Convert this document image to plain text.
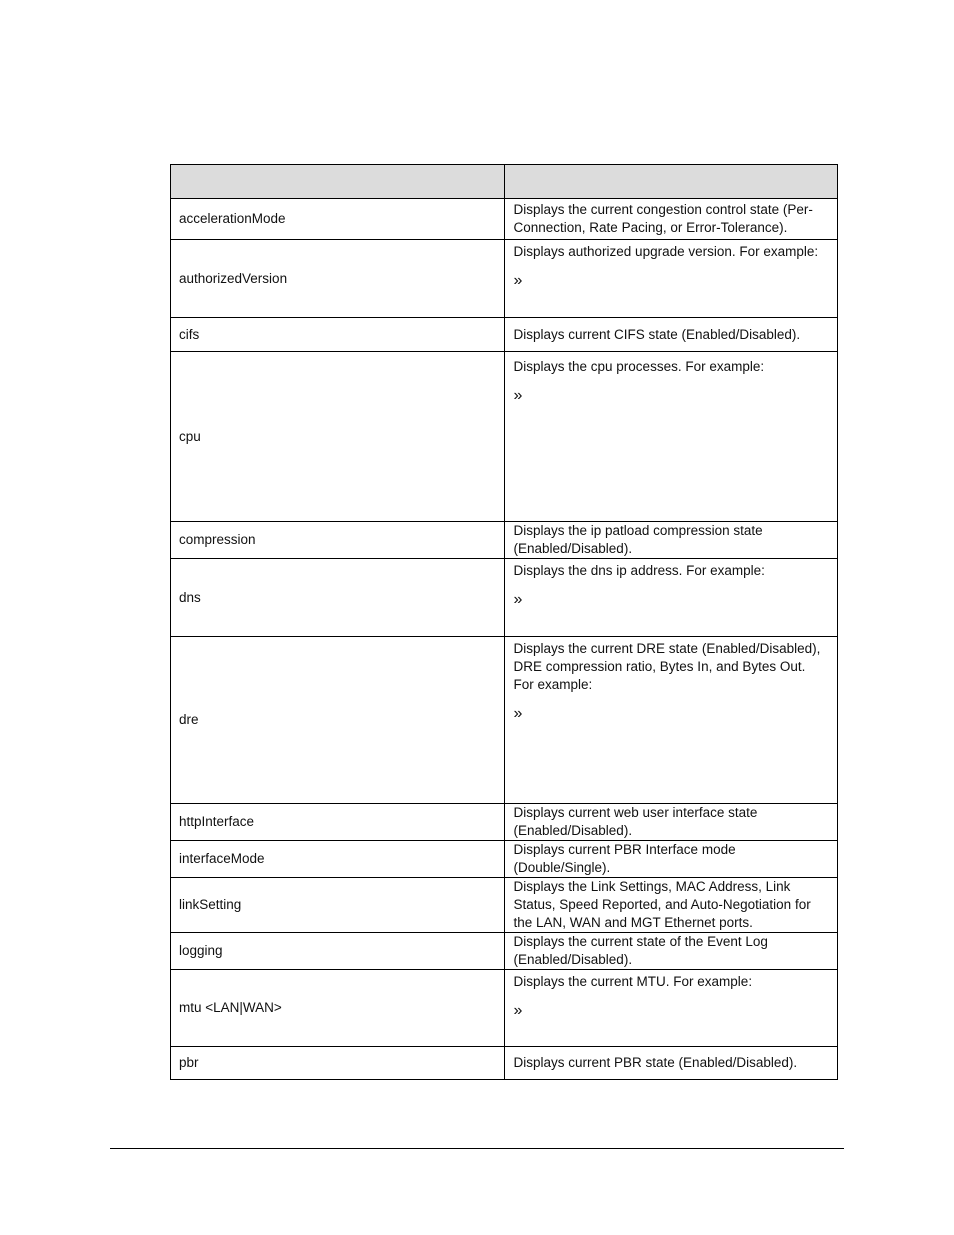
accelerationMode	Displays the current congestion control state (Per-Connection, Rate Pacing, or Error-Tolerance).
authorizedVersion	Displays authorized upgrade version. For example:
»

cifs	Displays current CIFS state (Enabled/Disabled).
cpu	Displays the cpu processes. For example:
»

compression	Displays the ip patload compression state (Enabled/Disabled).
dns	Displays the dns ip address. For example:
»

dre	Displays the current DRE state (Enabled/Disabled), DRE compression ratio, Bytes In, and Bytes Out. For example:
»

httpInterface	Displays current web user interface state (Enabled/Disabled).
interfaceMode	Displays current PBR Interface mode (Double/Single).
linkSetting	Displays the Link Settings, MAC Address, Link Status, Speed Reported, and Auto-Negotiation for the LAN, WAN and MGT Ethernet ports.
logging	Displays the current state of the Event Log (Enabled/Disabled).
mtu <LAN|WAN>	Displays the current MTU. For example:
»

pbr	Displays current PBR state (Enabled/Disabled).
